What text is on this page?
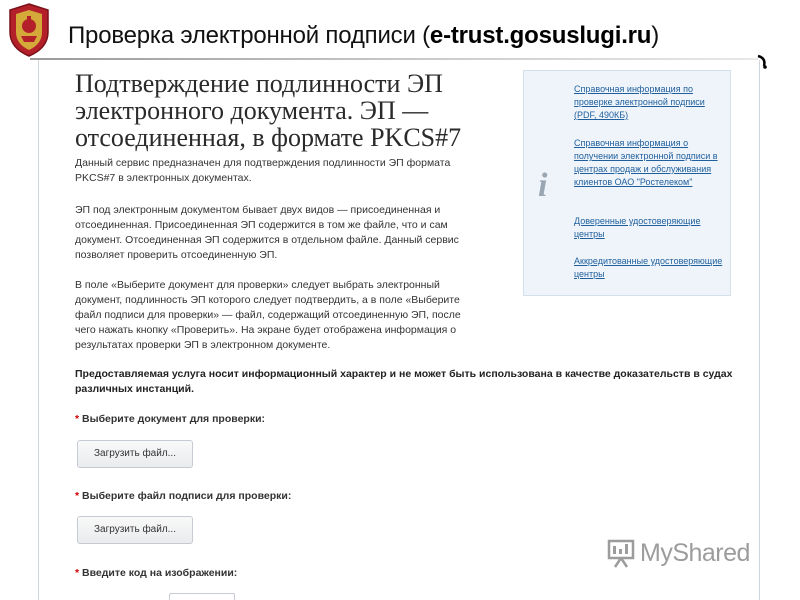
Проверка электронной подписи (e-trust.gosuslugi.ru)
Подтверждение подлинности ЭП электронного документа. ЭП — отсоединенная, в формате PKCS#7
Данный сервис предназначен для подтверждения подлинности ЭП формата PKCS#7 в электронных документах.
ЭП под электронным документом бывает двух видов — присоединенная и отсоединенная. Присоединенная ЭП содержится в том же файле, что и сам документ. Отсоединенная ЭП содержится в отдельном файле. Данный сервис позволяет проверить отсоединенную ЭП.
В поле «Выберите документ для проверки» следует выбрать электронный документ, подлинность ЭП которого следует подтвердить, а в поле «Выберите файл подписи для проверки» — файл, содержащий отсоединенную ЭП, после чего нажать кнопку «Проверить». На экране будет отображена информация о результатах проверки ЭП в электронном документе.
Предоставляемая услуга носит информационный характер и не может быть использована в качестве доказательств в судах различных инстанций.
i
Справочная информация по проверке электронной подписи (PDF, 490КБ)
Справочная информация о получении электронной подписи в центрах продаж и обслуживания клиентов ОАО "Ростелеком"
Доверенные удостоверяющие центры
Аккредитованные удостоверяющие центры
* Выберите документ для проверки:
Загрузить файл...
* Выберите файл подписи для проверки:
Загрузить файл...
* Введите код на изображении:
MyShared
